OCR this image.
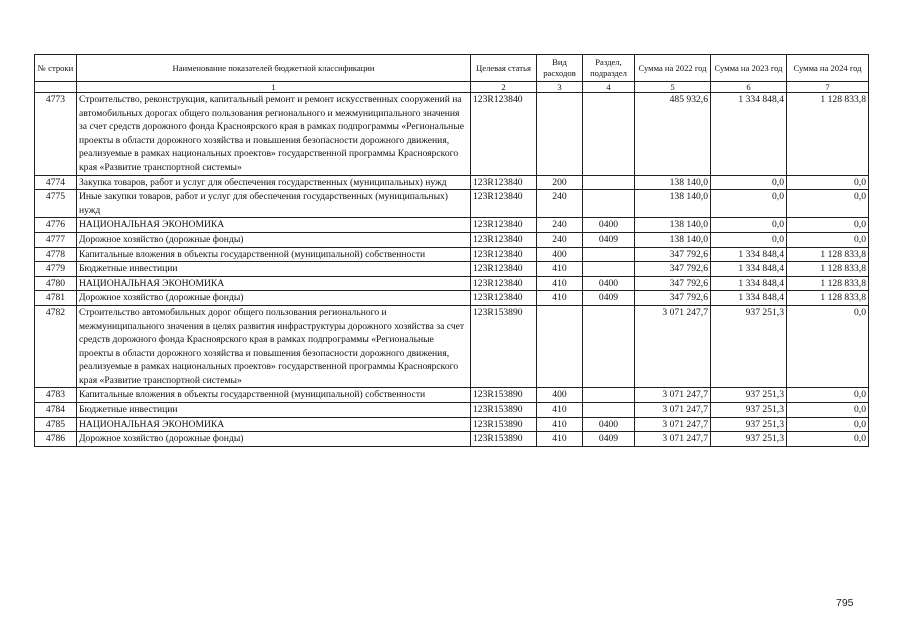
№ строки	Наименование показателей бюджетной классификации	Целевая статья	Вид расходов	Раздел, подраздел	Сумма на 2022 год	Сумма на 2023 год	Сумма на 2024 год
	1	2	3	4	5	6	7
4773	Строительство, реконструкция, капитальный ремонт и ремонт искусственных сооружений на автомобильных дорогах общего пользования регионального и межмуниципального значения за счет средств дорожного фонда Красноярского края в рамках подпрограммы «Региональные проекты в области дорожного хозяйства и повышения безопасности дорожного движения, реализуемые в рамках национальных проектов» государственной программы Красноярского края «Развитие транспортной системы»	123R123840			485 932,6	1 334 848,4	1 128 833,8
4774	Закупка товаров, работ и услуг для обеспечения государственных (муниципальных) нужд	123R123840	200		138 140,0	0,0	0,0
4775	Иные закупки товаров, работ и услуг для обеспечения государственных (муниципальных) нужд	123R123840	240		138 140,0	0,0	0,0
4776	НАЦИОНАЛЬНАЯ ЭКОНОМИКА	123R123840	240	0400	138 140,0	0,0	0,0
4777	Дорожное хозяйство (дорожные фонды)	123R123840	240	0409	138 140,0	0,0	0,0
4778	Капитальные вложения в объекты государственной (муниципальной) собственности	123R123840	400		347 792,6	1 334 848,4	1 128 833,8
4779	Бюджетные инвестиции	123R123840	410		347 792,6	1 334 848,4	1 128 833,8
4780	НАЦИОНАЛЬНАЯ ЭКОНОМИКА	123R123840	410	0400	347 792,6	1 334 848,4	1 128 833,8
4781	Дорожное хозяйство (дорожные фонды)	123R123840	410	0409	347 792,6	1 334 848,4	1 128 833,8
4782	Строительство автомобильных дорог общего пользования регионального и межмуниципального значения в целях развития инфраструктуры дорожного хозяйства за счет средств дорожного фонда Красноярского края в рамках подпрограммы «Региональные проекты в области дорожного хозяйства и повышения безопасности дорожного движения, реализуемые в рамках национальных проектов» государственной программы Красноярского края «Развитие транспортной системы»	123R153890			3 071 247,7	937 251,3	0,0
4783	Капитальные вложения в объекты государственной (муниципальной) собственности	123R153890	400		3 071 247,7	937 251,3	0,0
4784	Бюджетные инвестиции	123R153890	410		3 071 247,7	937 251,3	0,0
4785	НАЦИОНАЛЬНАЯ ЭКОНОМИКА	123R153890	410	0400	3 071 247,7	937 251,3	0,0
4786	Дорожное хозяйство (дорожные фонды)	123R153890	410	0409	3 071 247,7	937 251,3	0,0
795
